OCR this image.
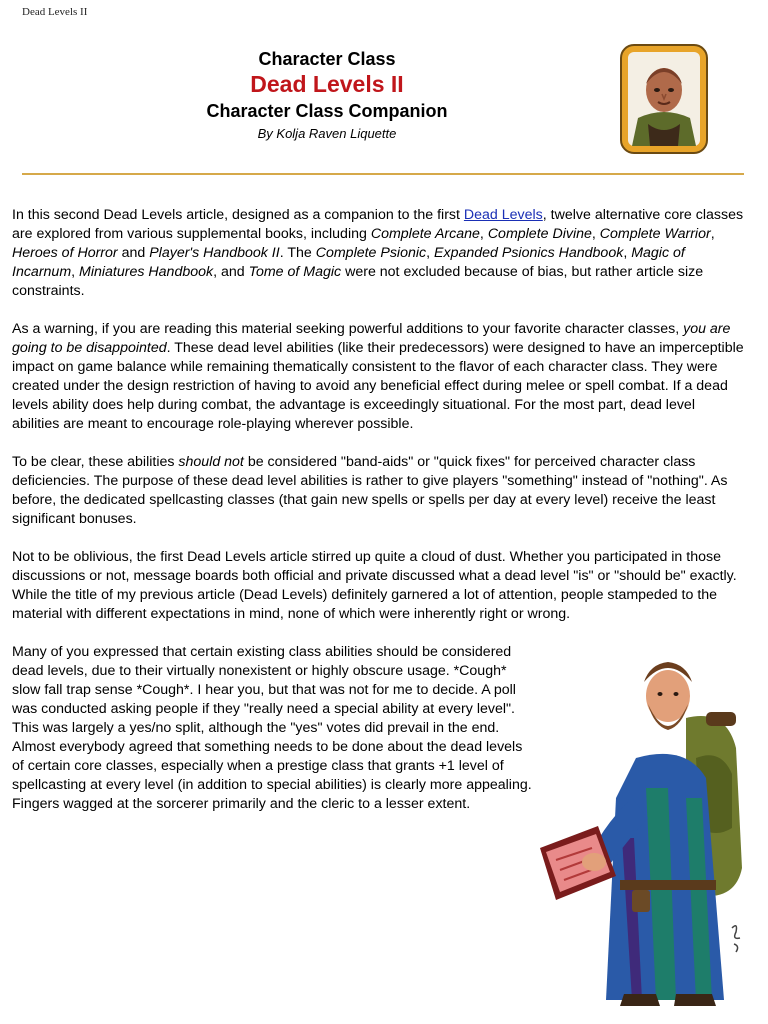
Dead Levels II
Character Class
Dead Levels II
Character Class Companion
By Kolja Raven Liquette

In this second Dead Levels article, designed as a companion to the first Dead Levels, twelve alternative core classes are explored from various supplemental books, including Complete Arcane, Complete Divine, Complete Warrior, Heroes of Horror and Player's Handbook II. The Complete Psionic, Expanded Psionics Handbook, Magic of Incarnum, Miniatures Handbook, and Tome of Magic were not excluded because of bias, but rather article size constraints.

As a warning, if you are reading this material seeking powerful additions to your favorite character classes, you are going to be disappointed. These dead level abilities (like their predecessors) were designed to have an imperceptible impact on game balance while remaining thematically consistent to the flavor of each character class. They were created under the design restriction of having to avoid any beneficial effect during melee or spell combat. If a dead levels ability does help during combat, the advantage is exceedingly situational. For the most part, dead level abilities are meant to encourage role-playing wherever possible.

To be clear, these abilities should not be considered "band-aids" or "quick fixes" for perceived character class deficiencies. The purpose of these dead level abilities is rather to give players "something" instead of "nothing". As before, the dedicated spellcasting classes (that gain new spells or spells per day at every level) receive the least significant bonuses.

Not to be oblivious, the first Dead Levels article stirred up quite a cloud of dust. Whether you participated in those discussions or not, message boards both official and private discussed what a dead level "is" or "should be" exactly. While the title of my previous article (Dead Levels) definitely garnered a lot of attention, people stampeded to the material with different expectations in mind, none of which were inherently right or wrong.

Many of you expressed that certain existing class abilities should be considered dead levels, due to their virtually nonexistent or highly obscure usage. *Cough* slow fall trap sense *Cough*. I hear you, but that was not for me to decide. A poll was conducted asking people if they "really need a special ability at every level". This was largely a yes/no split, although the "yes" votes did prevail in the end. Almost everybody agreed that something needs to be done about the dead levels of certain core classes, especially when a prestige class that grants +1 level of spellcasting at every level (in addition to special abilities) is clearly more appealing. Fingers wagged at the sorcerer primarily and the cleric to a lesser extent.
